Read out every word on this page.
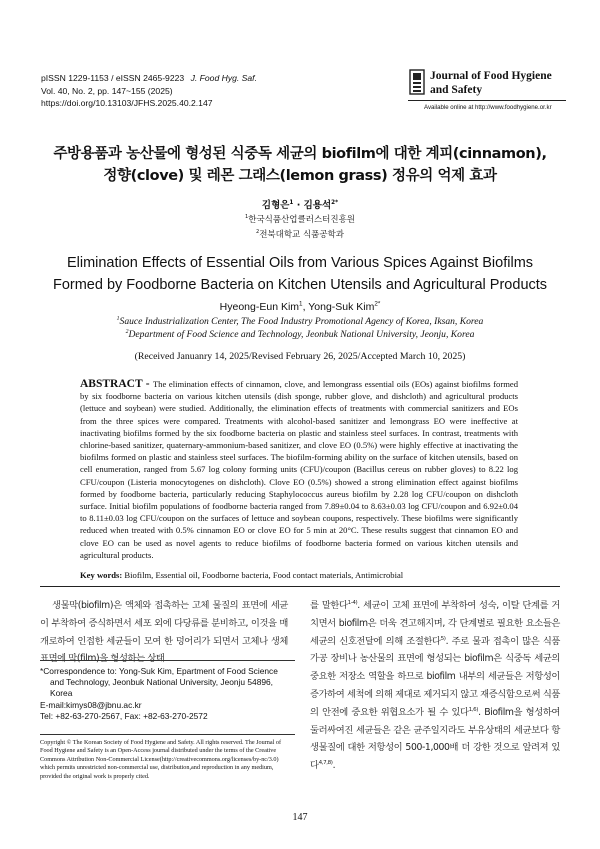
pISSN 1229-1153 / eISSN 2465-9223 J. Food Hyg. Saf.
Vol. 40, No. 2, pp. 147~155 (2025)
https://doi.org/10.13103/JFHS.2025.40.2.147
Journal of Food Hygiene
and Safety
Available online at http://www.foodhygiene.or.kr
주방용품과 농산물에 형성된 식중독 세균의 biofilm에 대한 계피(cinnamon),
정향(clove) 및 레몬 그래스(lemon grass) 정유의 억제 효과
김형은$^1$ · 김용석$^{2*}$
$^1$한국식품산업클러스터진흥원
$^2$전북대학교 식품공학과
Elimination Effects of Essential Oils from Various Spices Against Biofilms
Formed by Foodborne Bacteria on Kitchen Utensils and Agricultural Products
Hyeong-Eun Kim$^1$, Yong-Suk Kim$^{2*}$
$^1$Sauce Industrialization Center, The Food Industry Promotional Agency of Korea, Iksan, Korea
$^2$Department of Food Science and Technology, Jeonbuk National University, Jeonju, Korea
(Received Januanry 14, 2025/Revised February 26, 2025/Accepted March 10, 2025)
ABSTRACT - The elimination effects of cinnamon, clove, and lemongrass essential oils (EOs) against biofilms formed by six foodborne bacteria on various kitchen utensils (dish sponge, rubber glove, and dishcloth) and agricultural products (lettuce and soybean) were studied. Additionally, the elimination effects of treatments with commercial sanitizers and EOs from the three spices were compared. Treatments with alcohol-based sanitizer and lemongrass EO were ineffective at inactivating biofilms formed by the six foodborne bacteria on plastic and stainless steel surfaces. In contrast, treatments with chlorine-based sanitizer, quaternary-ammonium-based sanitizer, and clove EO (0.5%) were highly effective at inactivating the biofilms formed on plastic and stainless steel surfaces. The biofilm-forming ability on the surface of kitchen utensils, based on cell enumeration, ranged from 5.67 log colony forming units (CFU)/coupon (Bacillus cereus on rubber gloves) to 8.22 log CFU/coupon (Listeria monocytogenes on dishcloth). Clove EO (0.5%) showed a strong elimination effect against biofilms formed by foodborne bacteria, particularly reducing Staphylococcus aureus biofilm by 2.28 log CFU/coupon on dishcloth surface. Initial biofilm populations of foodborne bacteria ranged from 7.89±0.04 to 8.63±0.03 log CFU/coupon and 6.92±0.04 to 8.11±0.03 log CFU/coupon on the surfaces of lettuce and soybean coupons, respectively. These biofilms were significantly reduced when treated with 0.5% cinnamon EO or clove EO for 5 min at 20°C. These results suggest that cinnamon EO and clove EO can be used as novel agents to reduce biofilms of foodborne bacteria formed on various kitchen utensils and agricultural products.
Key words: Biofilm, Essential oil, Foodborne bacteria, Food contact materials, Antimicrobial
생물막(biofilm)은 액체와 접촉하는 고체 물질의 표면에 세균이 부착하여 증식하면서 세포 외에 다당류를 분비하고, 이것을 매개로하여 인접한 세균들이 모여 한 덩어리가 되면서 고체나 생체 표면에 막(film)을 형성하는 상태
를 말한다$^{1-4)}$. 세균이 고체 표면에 부착하여 성숙, 이탈 단계를 거치면서 biofilm은 더욱 견고해지며, 각 단계별로 필요한 요소들은 세균의 신호전달에 의해 조절한다$^{5)}$. 주로 물과 접촉이 많은 식품가공 장비나 농산물의 표면에 형성되는 biofilm은 식중독 세균의 중요한 저장소 역할을 하므로 biofilm 내부의 세균들은 저항성이 증가하여 세척에 의해 제대로 제거되지 않고 재증식함으로써 식품의 안전에 중요한 위협요소가 될 수 있다$^{1,6)}$. Biofilm을 형성하여 둘러싸여진 세균들은 같은 균주일지라도 부유상태의 세균보다 항생물질에 대한 저항성이 500-1,000배 더 강한 것으로 알려져 있다$^{4,7,8)}$.
*Correspondence to: Yong-Suk Kim, Epartment of Food Science
and Technology, Jeonbuk National University, Jeonju 54896,
Korea
E-mail:kimys08@jbnu.ac.kr
Tel: +82-63-270-2567, Fax: +82-63-270-2572
Copyright © The Korean Society of Food Hygiene and Safety. All rights reserved. The Journal of Food Hygiene and Safety is an Open-Access journal distributed under the terms of the Creative Commons Attribution Non-Commercial License(http://creativecommons.org/licenses/by-nc/3.0) which permits unrestricted non-commercial use, distribution,and reproduction in any medium, provided the original work is properly cited.
147
